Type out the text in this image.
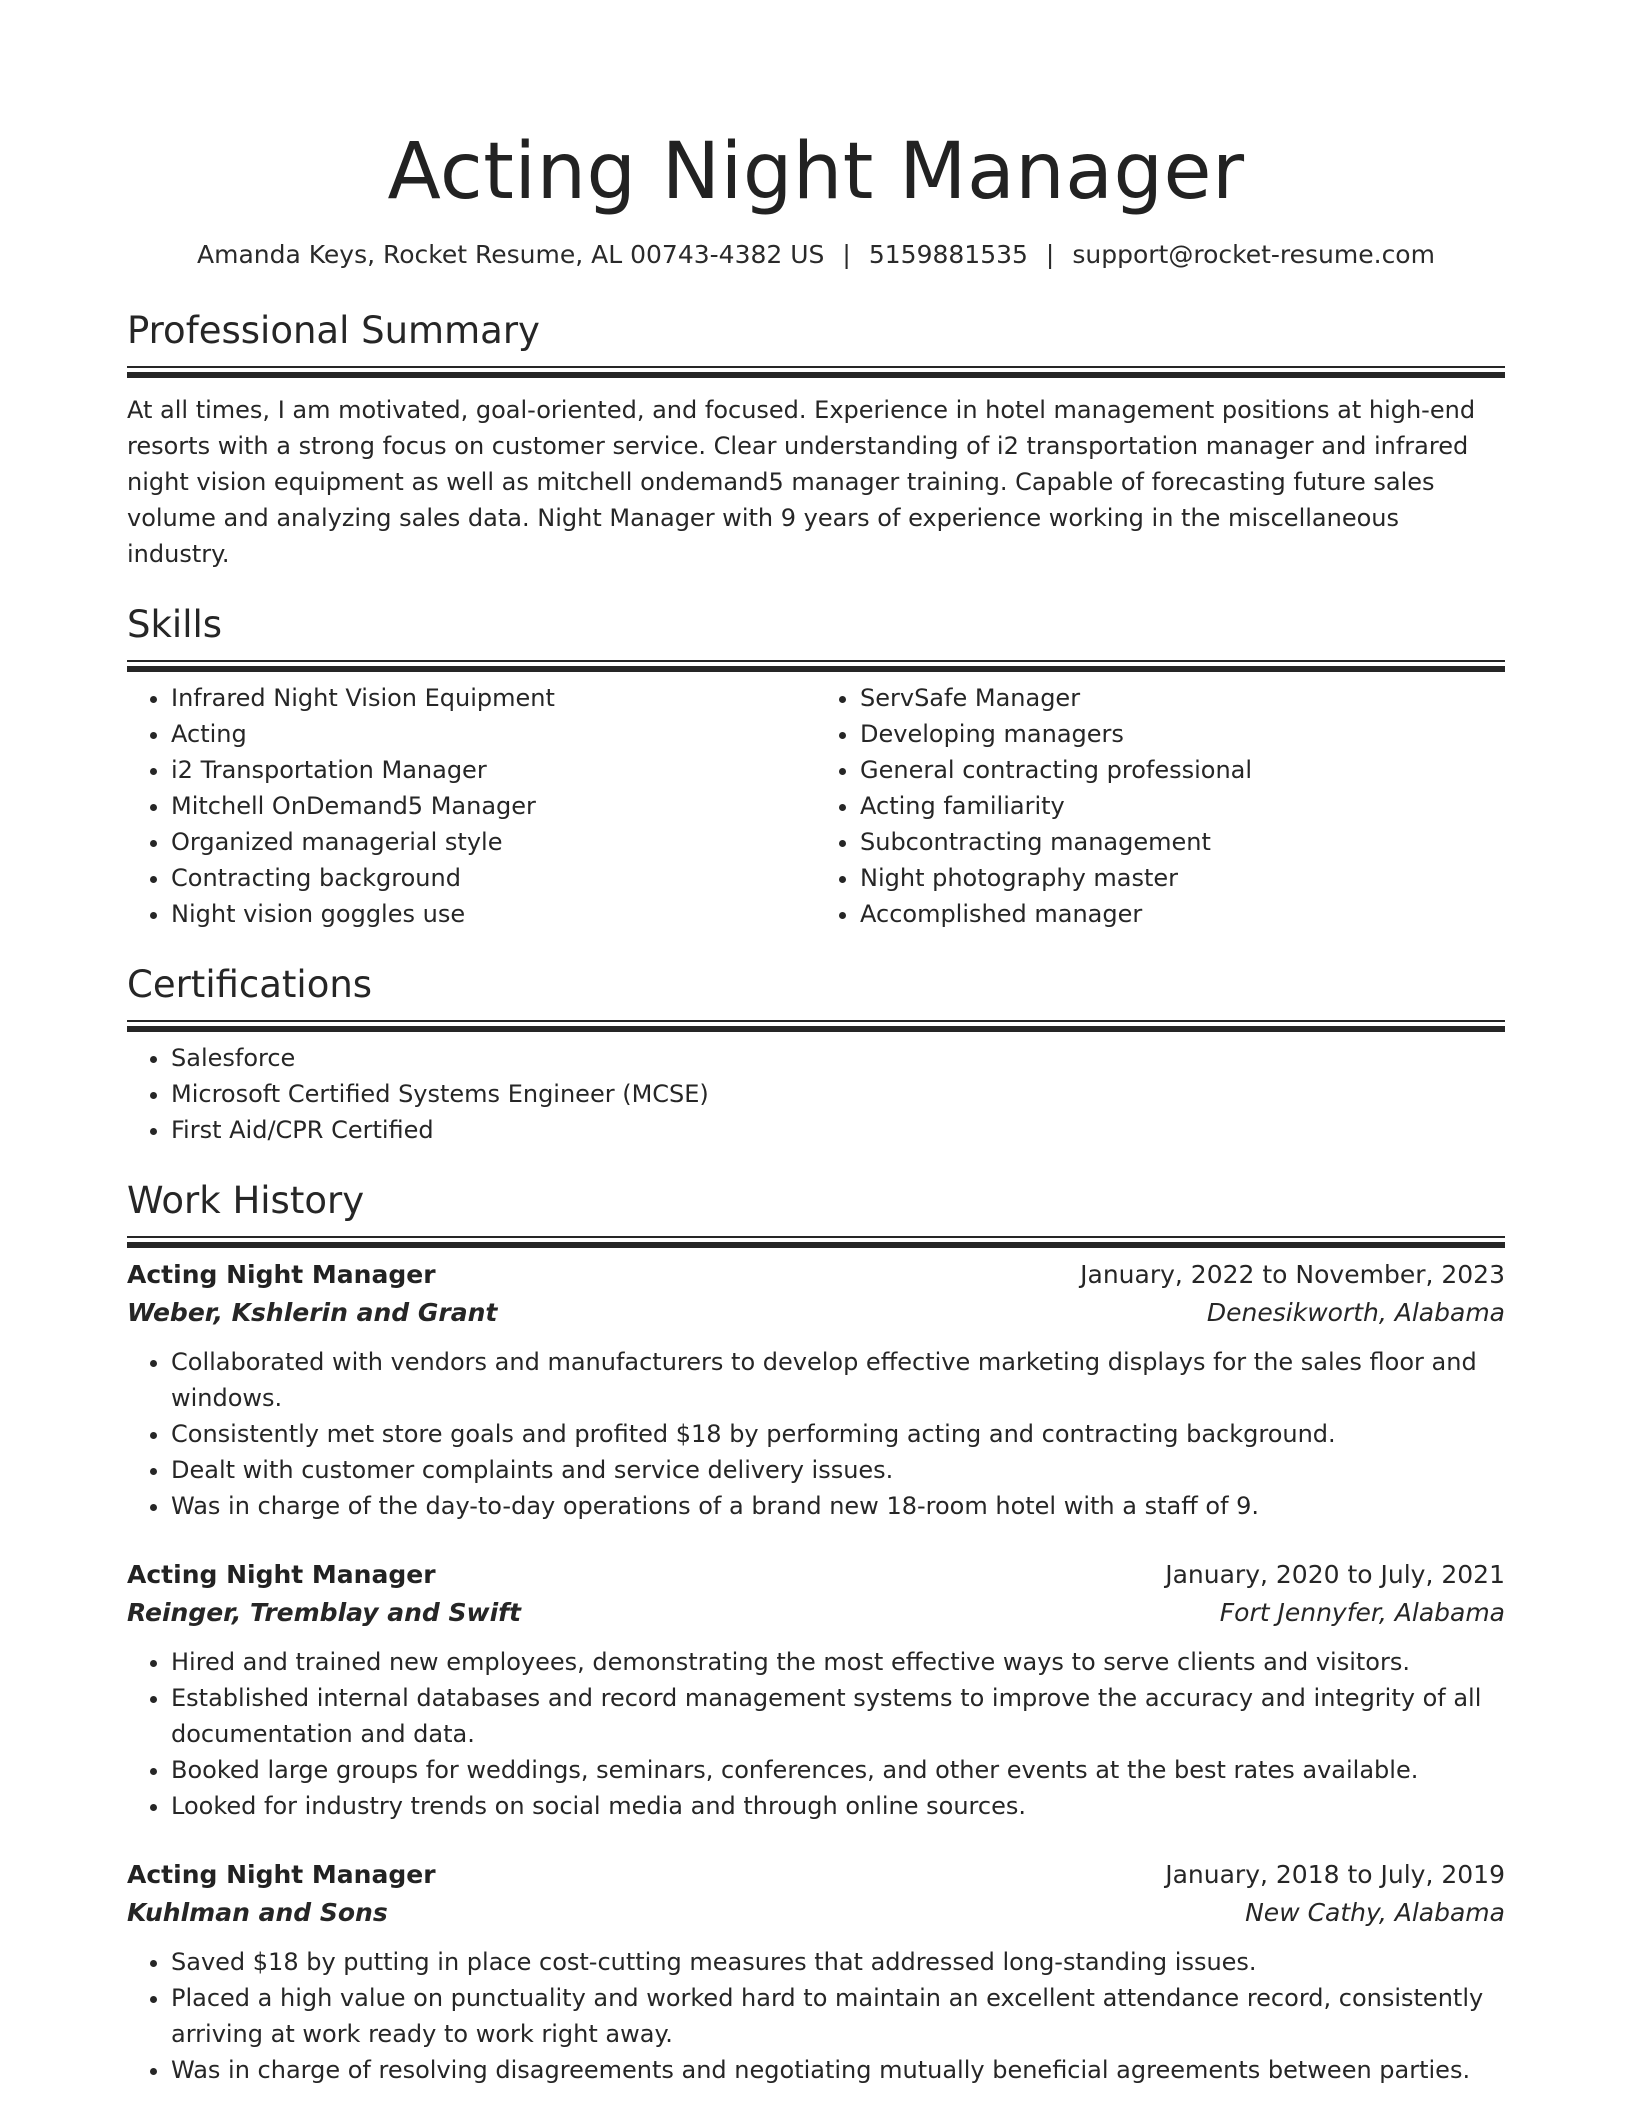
Acting Night Manager
Amanda Keys, Rocket Resume, AL 00743-4382 US | 5159881535 | support@rocket-resume.com
Professional Summary

At all times, I am motivated, goal-oriented, and focused. Experience in hotel management positions at high-end resorts with a strong focus on customer service. Clear understanding of i2 transportation manager and infrared night vision equipment as well as mitchell ondemand5 manager training. Capable of forecasting future sales volume and analyzing sales data. Night Manager with 9 years of experience working in the miscellaneous industry.

Skills
• Infrared Night Vision Equipment
• Acting
• i2 Transportation Manager
• Mitchell OnDemand5 Manager
• Organized managerial style
• Contracting background
• Night vision goggles use
• ServSafe Manager
• Developing managers
• General contracting professional
• Acting familiarity
• Subcontracting management
• Night photography master
• Accomplished manager
Certifications
• Salesforce
• Microsoft Certified Systems Engineer (MCSE)
• First Aid/CPR Certified
Work History
Acting Night Manager	January, 2022 to November, 2023
Weber, Kshlerin and Grant	Denesikworth, Alabama
• Collaborated with vendors and manufacturers to develop effective marketing displays for the sales floor and windows.
• Consistently met store goals and profited $18 by performing acting and contracting background.
• Dealt with customer complaints and service delivery issues.
• Was in charge of the day-to-day operations of a brand new 18-room hotel with a staff of 9.
Acting Night Manager	January, 2020 to July, 2021
Reinger, Tremblay and Swift	Fort Jennyfer, Alabama
• Hired and trained new employees, demonstrating the most effective ways to serve clients and visitors.
• Established internal databases and record management systems to improve the accuracy and integrity of all documentation and data.
• Booked large groups for weddings, seminars, conferences, and other events at the best rates available.
• Looked for industry trends on social media and through online sources.
Acting Night Manager	January, 2018 to July, 2019
Kuhlman and Sons	New Cathy, Alabama
• Saved $18 by putting in place cost-cutting measures that addressed long-standing issues.
• Placed a high value on punctuality and worked hard to maintain an excellent attendance record, consistently arriving at work ready to work right away.
• Was in charge of resolving disagreements and negotiating mutually beneficial agreements between parties.
